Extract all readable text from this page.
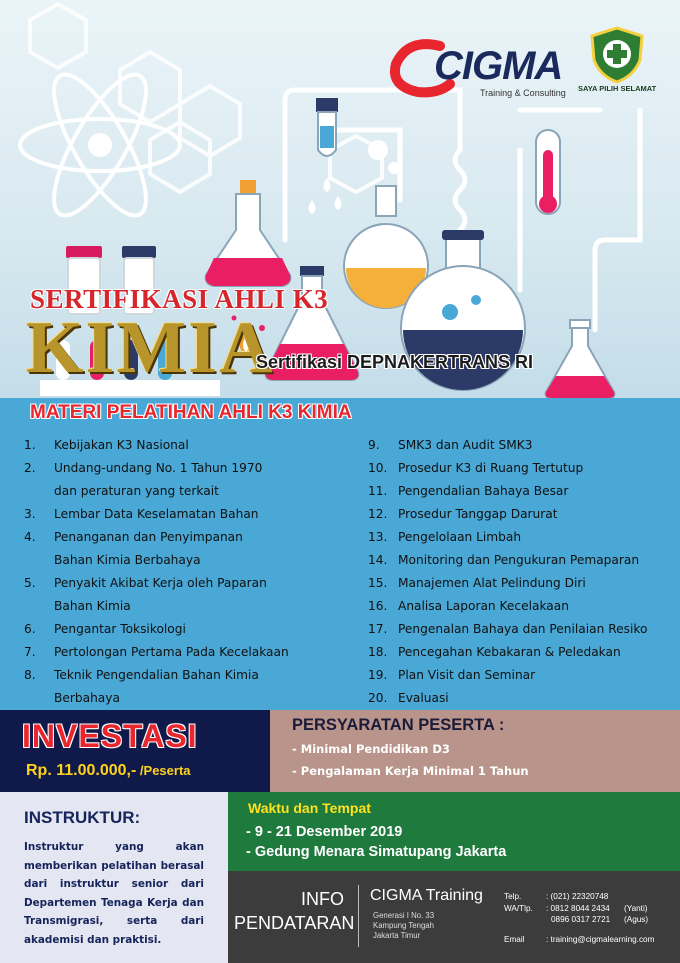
CIGMA
Training & Consulting SAYA PILIH SELAMAT
SERTIFIKASI AHLI K3
KIMIA
Sertifikasi DEPNAKERTRANS RI
MATERI PELATIHAN AHLI K3 KIMIA
1. Kebijakan K3 Nasional
2. Undang-undang No. 1 Tahun 1970
dan peraturan yang terkait
3. Lembar Data Keselamatan Bahan
4. Penanganan dan Penyimpanan
Bahan Kimia Berbahaya
5. Penyakit Akibat Kerja oleh Paparan
Bahan Kimia
6. Pengantar Toksikologi
7. Pertolongan Pertama Pada Kecelakaan
8. Teknik Pengendalian Bahan Kimia
Berbahaya
9. SMK3 dan Audit SMK3
10. Prosedur K3 di Ruang Tertutup
11. Pengendalian Bahaya Besar
12. Prosedur Tanggap Darurat
13. Pengelolaan Limbah
14. Monitoring dan Pengukuran Pemaparan
15. Manajemen Alat Pelindung Diri
16. Analisa Laporan Kecelakaan
17. Pengenalan Bahaya dan Penilaian Resiko
18. Pencegahan Kebakaran & Peledakan
19. Plan Visit dan Seminar
20. Evaluasi
INVESTASI
Rp. 11.00.000,- /Peserta
PERSYARATAN PESERTA :
- Minimal Pendidikan D3
- Pengalaman Kerja Minimal 1 Tahun
INSTRUKTUR:
Instruktur yang akan memberikan pelatihan berasal dari instruktur senior dari Departemen Tenaga Kerja dan Transmigrasi, serta dari akademisi dan praktisi.
Waktu dan Tempat
- 9 - 21 Desember 2019
- Gedung Menara Simatupang Jakarta
INFO
PENDATARAN
CIGMA Training
Generasi I No. 33
Kampung Tengah
Jakarta Timur
Telp.	: (021) 22320748
WA/Tlp. : 0812 8044 2434 (Yanti)
0896 0317 2721 (Agus)
Email	: training@cigmalearning.com
